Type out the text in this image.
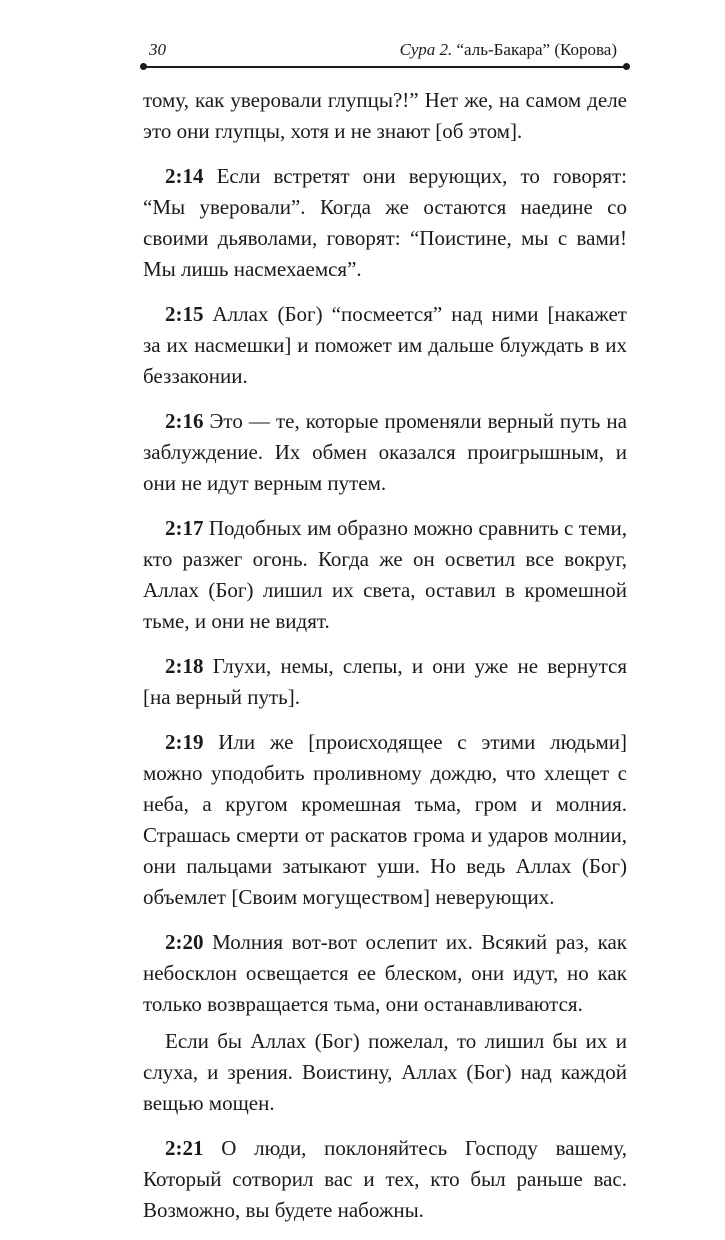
30	Сура 2. “аль-Бакара” (Корова)

тому, как уверовали глупцы?!” Нет же, на самом деле это они глупцы, хотя и не знают [об этом].

2:14 Если встретят они верующих, то говорят: “Мы уверовали”. Когда же остаются наедине со своими дьяволами, говорят: “Поистине, мы с вами! Мы лишь насмехаемся”.

2:15 Аллах (Бог) “посмеется” над ними [накажет за их насмешки] и поможет им дальше блуждать в их беззаконии.

2:16 Это — те, которые променяли верный путь на заблуждение. Их обмен оказался проигрышным, и они не идут верным путем.

2:17 Подобных им образно можно сравнить с теми, кто разжег огонь. Когда же он осветил все вокруг, Аллах (Бог) лишил их света, оставил в кромешной тьме, и они не видят.

2:18 Глухи, немы, слепы, и они уже не вернутся [на верный путь].

2:19 Или же [происходящее с этими людьми] можно уподобить проливному дождю, что хлещет с неба, а кругом кромешная тьма, гром и молния. Страшась смерти от раскатов грома и ударов молнии, они пальцами затыкают уши. Но ведь Аллах (Бог) объемлет [Своим могуществом] неверующих.

2:20 Молния вот-вот ослепит их. Всякий раз, как небосклон освещается ее блеском, они идут, но как только возвращается тьма, они останавливаются.

Если бы Аллах (Бог) пожелал, то лишил бы их и слуха, и зрения. Воистину, Аллах (Бог) над каждой вещью мощен.

2:21 О люди, поклоняйтесь Господу вашему, Который сотворил вас и тех, кто был раньше вас. Возможно, вы будете набожны.
